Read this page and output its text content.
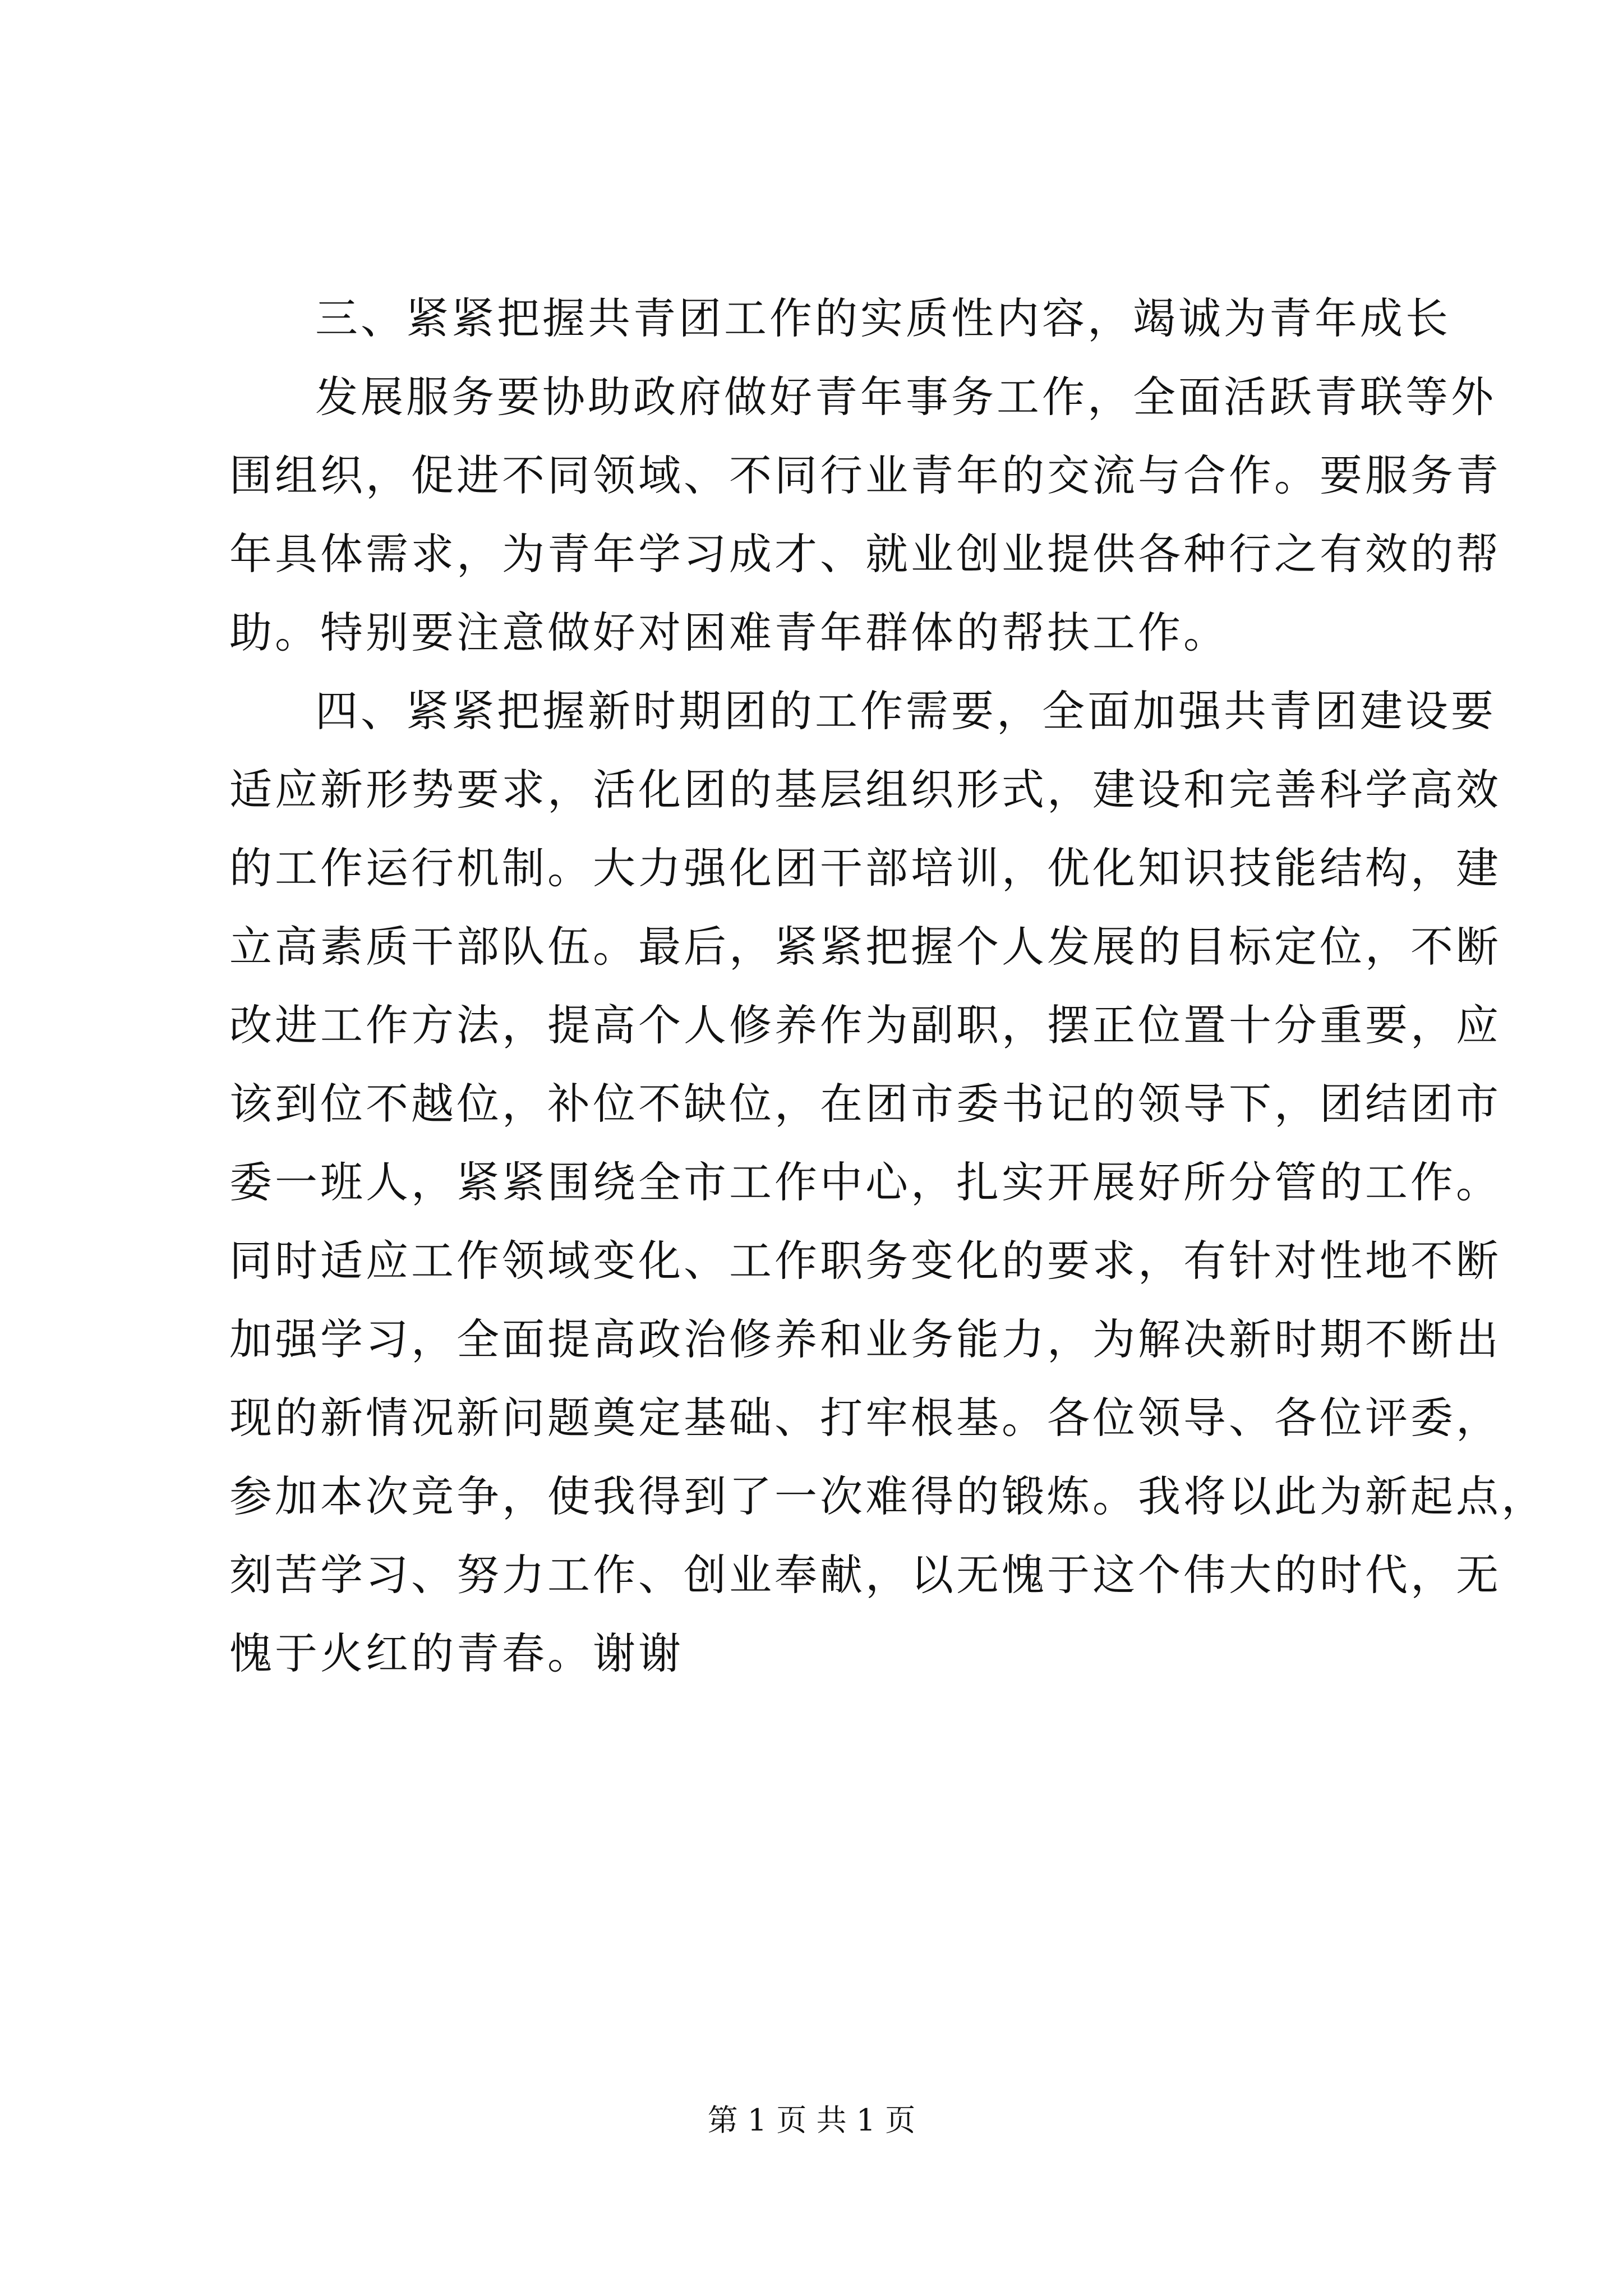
三、紧紧把握共青团工作的实质性内容，竭诚为青年成长
发展服务要协助政府做好青年事务工作，全面活跃青联等外
围组织，促进不同领域、不同行业青年的交流与合作。要服务青
年具体需求，为青年学习成才、就业创业提供各种行之有效的帮
助。特别要注意做好对困难青年群体的帮扶工作。
四、紧紧把握新时期团的工作需要，全面加强共青团建设要
适应新形势要求，活化团的基层组织形式，建设和完善科学高效
的工作运行机制。大力强化团干部培训，优化知识技能结构，建
立高素质干部队伍。最后，紧紧把握个人发展的目标定位，不断
改进工作方法，提高个人修养作为副职，摆正位置十分重要，应
该到位不越位，补位不缺位，在团市委书记的领导下，团结团市
委一班人，紧紧围绕全市工作中心，扎实开展好所分管的工作。
同时适应工作领域变化、工作职务变化的要求，有针对性地不断
加强学习，全面提高政治修养和业务能力，为解决新时期不断出
现的新情况新问题奠定基础、打牢根基。各位领导、各位评委，
参加本次竞争，使我得到了一次难得的锻炼。我将以此为新起点，
刻苦学习、努力工作、创业奉献，以无愧于这个伟大的时代，无
愧于火红的青春。谢谢
第 1 页 共 1 页
